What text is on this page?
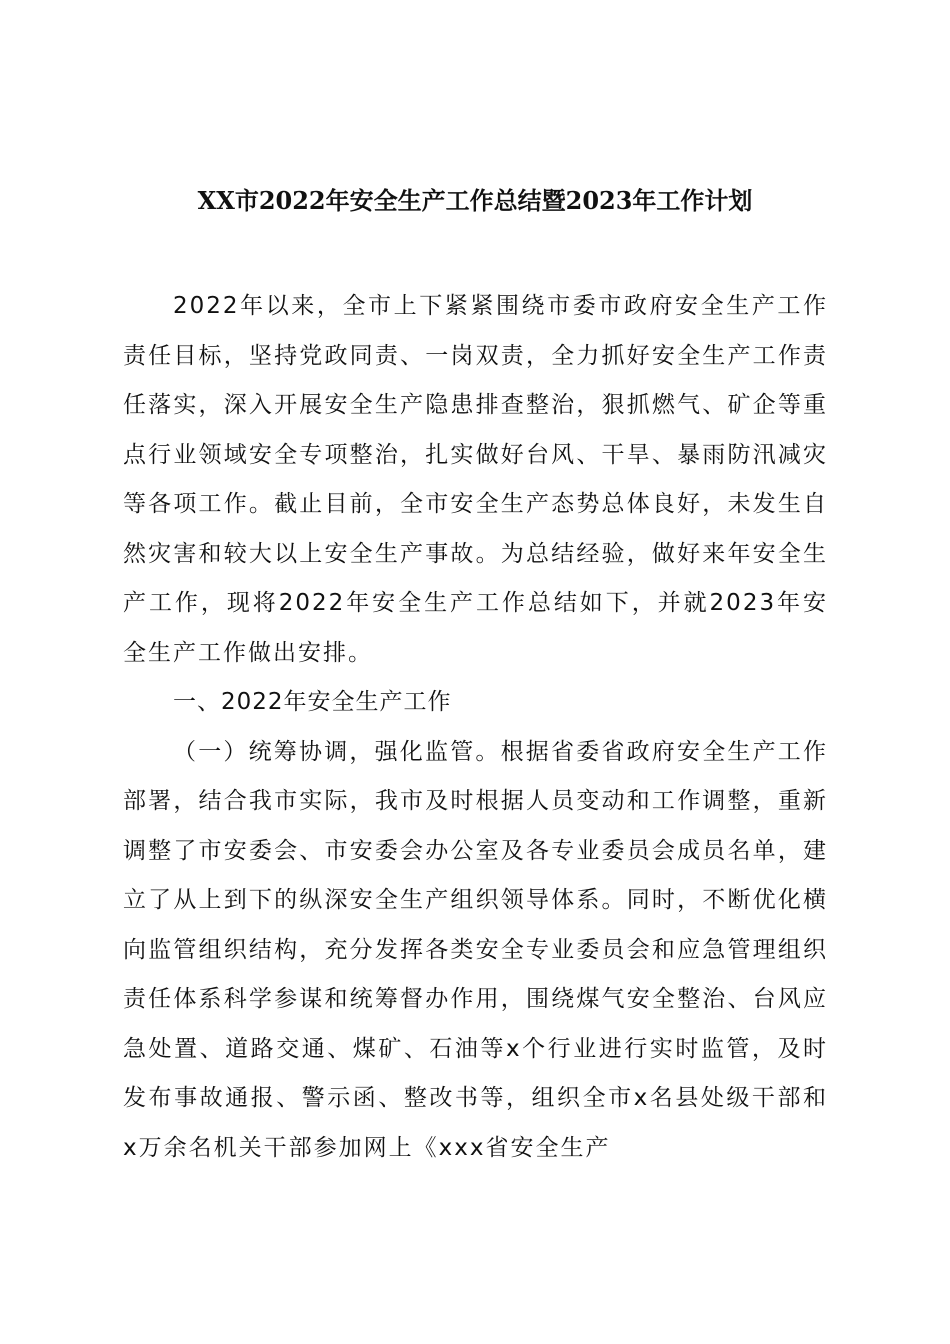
XX市2022年安全生产工作总结暨2023年工作计划

2022年以来，全市上下紧紧围绕市委市政府安全生产工作责任目标，坚持党政同责、一岗双责，全力抓好安全生产工作责任落实，深入开展安全生产隐患排查整治，狠抓燃气、矿企等重点行业领域安全专项整治，扎实做好台风、干旱、暴雨防汛减灾等各项工作。截止目前，全市安全生产态势总体良好，未发生自然灾害和较大以上安全生产事故。为总结经验，做好来年安全生产工作，现将2022年安全生产工作总结如下，并就2023年安全生产工作做出安排。

一、2022年安全生产工作

（一）统筹协调，强化监管。根据省委省政府安全生产工作部署，结合我市实际，我市及时根据人员变动和工作调整，重新调整了市安委会、市安委会办公室及各专业委员会成员名单，建立了从上到下的纵深安全生产组织领导体系。同时，不断优化横向监管组织结构，充分发挥各类安全专业委员会和应急管理组织责任体系科学参谋和统筹督办作用，围绕煤气安全整治、台风应急处置、道路交通、煤矿、石油等x个行业进行实时监管，及时发布事故通报、警示函、整改书等，组织全市x名县处级干部和x万余名机关干部参加网上《xxx省安全生产
